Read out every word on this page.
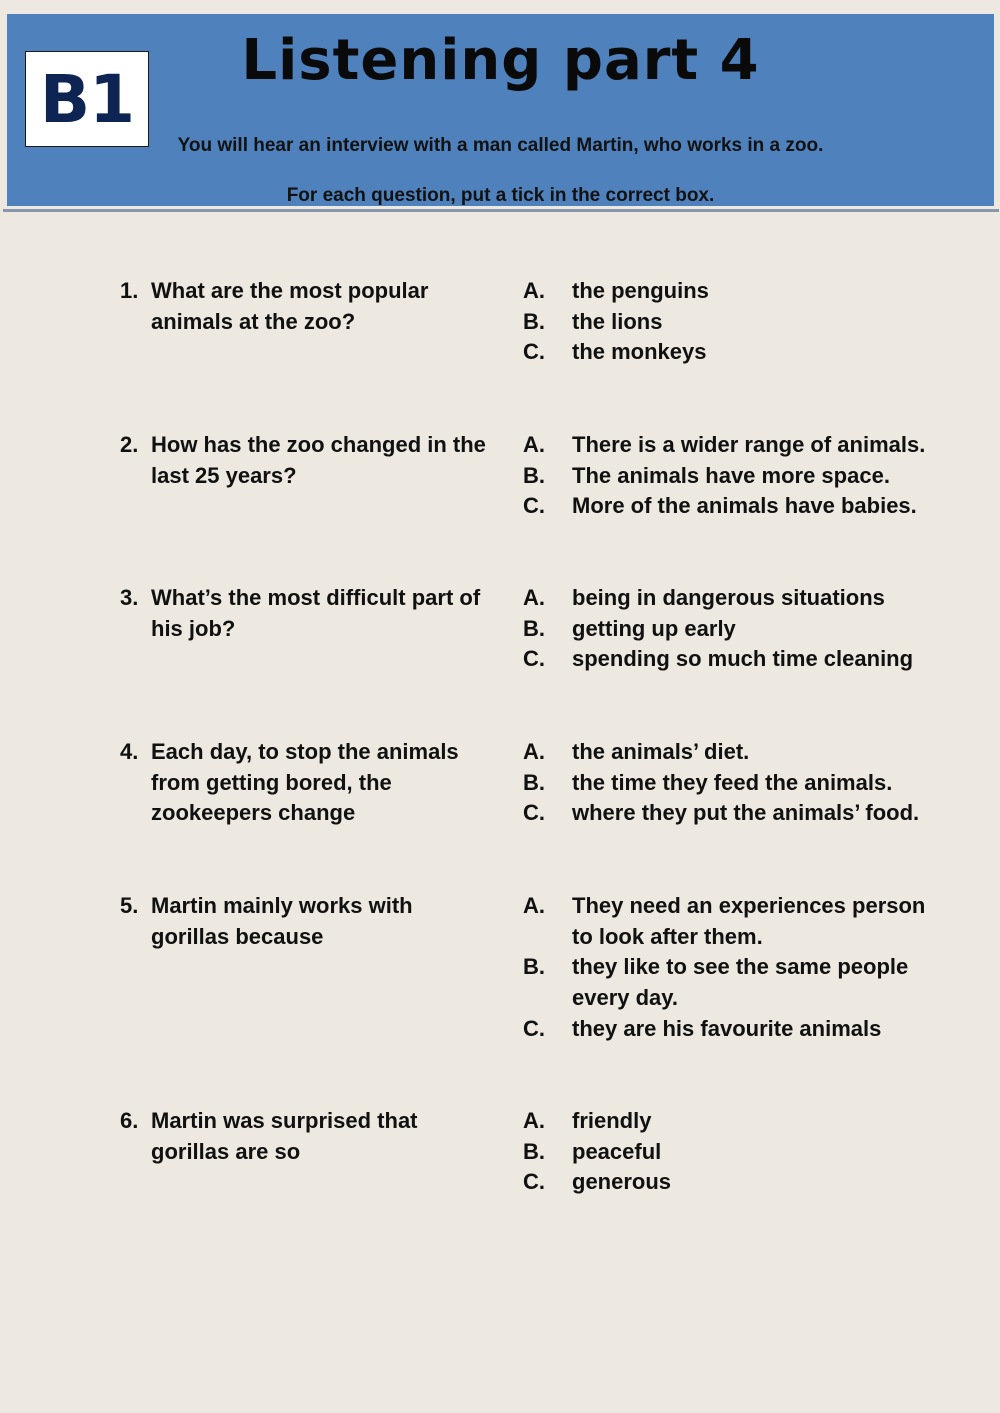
B1	Listening part 4
You will hear an interview with a man called Martin, who works in a zoo.
For each question, put a tick in the correct box.
1. What are the most popular animals at the zoo?
A. the penguins
B. the lions
C. the monkeys
2. How has the zoo changed in the last 25 years?
A. There is a wider range of animals.
B. The animals have more space.
C. More of the animals have babies.
3. What’s the most difficult part of his job?
A. being in dangerous situations
B. getting up early
C. spending so much time cleaning
4. Each day, to stop the animals from getting bored, the zookeepers change
A. the animals’ diet.
B. the time they feed the animals.
C. where they put the animals’ food.
5. Martin mainly works with gorillas because
A. They need an experiences person to look after them.
B. they like to see the same people every day.
C. they are his favourite animals
6. Martin was surprised that gorillas are so
A. friendly
B. peaceful
C. generous
